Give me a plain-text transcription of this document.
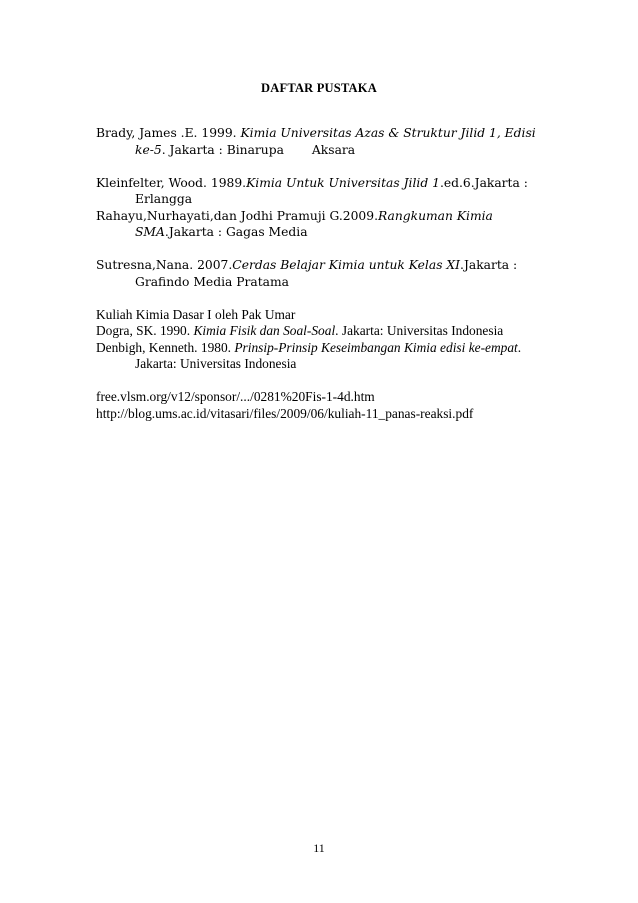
DAFTAR PUSTAKA

Brady, James .E. 1999. Kimia Universitas Azas & Struktur Jilid 1, Edisi ke-5. Jakarta : Binarupa Aksara

Kleinfelter, Wood. 1989.Kimia Untuk Universitas Jilid 1.ed.6.Jakarta : Erlangga

Rahayu,Nurhayati,dan Jodhi Pramuji G.2009.Rangkuman Kimia SMA.Jakarta : Gagas Media

Sutresna,Nana. 2007.Cerdas Belajar Kimia untuk Kelas XI.Jakarta : Grafindo Media Pratama

Kuliah Kimia Dasar I oleh Pak Umar

Dogra, SK. 1990. Kimia Fisik dan Soal-Soal. Jakarta: Universitas Indonesia

Denbigh, Kenneth. 1980. Prinsip-Prinsip Keseimbangan Kimia edisi ke-empat. Jakarta: Universitas Indonesia

free.vlsm.org/v12/sponsor/.../0281%20Fis-1-4d.htm

http://blog.ums.ac.id/vitasari/files/2009/06/kuliah-11_panas-reaksi.pdf

11
